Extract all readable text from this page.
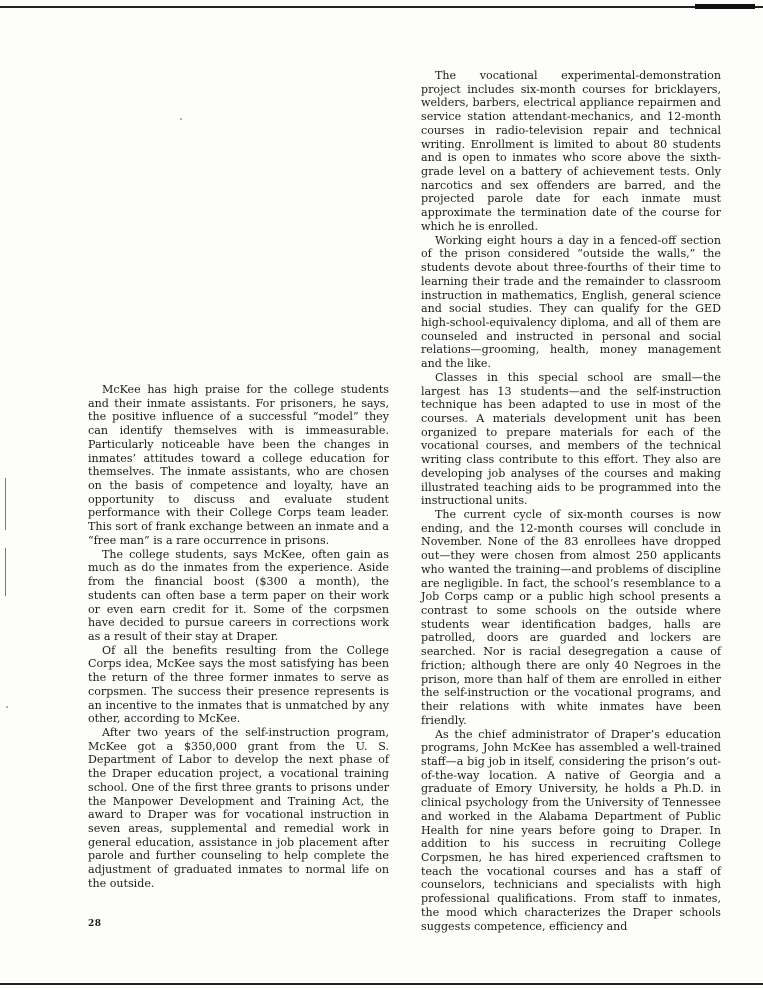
McKee has high praise for the college students and their inmate assistants. For prisoners, he says, the positive influence of a successful “model” they can identify themselves with is immeasurable. Particularly noticeable have been the changes in inmates’ attitudes toward a college education for themselves. The inmate assistants, who are chosen on the basis of competence and loyalty, have an opportunity to discuss and evaluate student performance with their College Corps team leader. This sort of frank exchange between an inmate and a “free man” is a rare occurrence in prisons.

The college students, says McKee, often gain as much as do the inmates from the experience. Aside from the financial boost ($300 a month), the students can often base a term paper on their work or even earn credit for it. Some of the corpsmen have decided to pursue careers in corrections work as a result of their stay at Draper.

Of all the benefits resulting from the College Corps idea, McKee says the most satisfying has been the return of the three former inmates to serve as corpsmen. The success their presence represents is an incentive to the inmates that is unmatched by any other, according to McKee.

After two years of the self-instruction program, McKee got a $350,000 grant from the U. S. Department of Labor to develop the next phase of the Draper education project, a vocational training school. One of the first three grants to prisons under the Manpower Development and Training Act, the award to Draper was for vocational instruction in seven areas, supplemental and remedial work in general education, assistance in job placement after parole and further counseling to help complete the adjustment of graduated inmates to normal life on the outside.

The vocational experimental-demonstration project includes six-month courses for bricklayers, welders, barbers, electrical appliance repairmen and service station attendant-mechanics, and 12-month courses in radio-television repair and technical writing. Enrollment is limited to about 80 students and is open to inmates who score above the sixth-grade level on a battery of achievement tests. Only narcotics and sex offenders are barred, and the projected parole date for each inmate must approximate the termination date of the course for which he is enrolled.

Working eight hours a day in a fenced-off section of the prison considered “outside the walls,” the students devote about three-fourths of their time to learning their trade and the remainder to classroom instruction in mathematics, English, general science and social studies. They can qualify for the GED high-school-equivalency diploma, and all of them are counseled and instructed in personal and social relations—grooming, health, money management and the like.

Classes in this special school are small—the largest has 13 students—and the self-instruction technique has been adapted to use in most of the courses. A materials development unit has been organized to prepare materials for each of the vocational courses, and members of the technical writing class contribute to this effort. They also are developing job analyses of the courses and making illustrated teaching aids to be programmed into the instructional units.

The current cycle of six-month courses is now ending, and the 12-month courses will conclude in November. None of the 83 enrollees have dropped out—they were chosen from almost 250 applicants who wanted the training—and problems of discipline are negligible. In fact, the school’s resemblance to a Job Corps camp or a public high school presents a contrast to some schools on the outside where students wear identification badges, halls are patrolled, doors are guarded and lockers are searched. Nor is racial desegregation a cause of friction; although there are only 40 Negroes in the prison, more than half of them are enrolled in either the self-instruction or the vocational programs, and their relations with white inmates have been friendly.

As the chief administrator of Draper’s education programs, John McKee has assembled a well-trained staff—a big job in itself, considering the prison’s out-of-the-way location. A native of Georgia and a graduate of Emory University, he holds a Ph.D. in clinical psychology from the University of Tennessee and worked in the Alabama Department of Public Health for nine years before going to Draper. In addition to his success in recruiting College Corpsmen, he has hired experienced craftsmen to teach the vocational courses and has a staff of counselors, technicians and specialists with high professional qualifications. From staff to inmates, the mood which characterizes the Draper schools suggests competence, efficiency and

28
